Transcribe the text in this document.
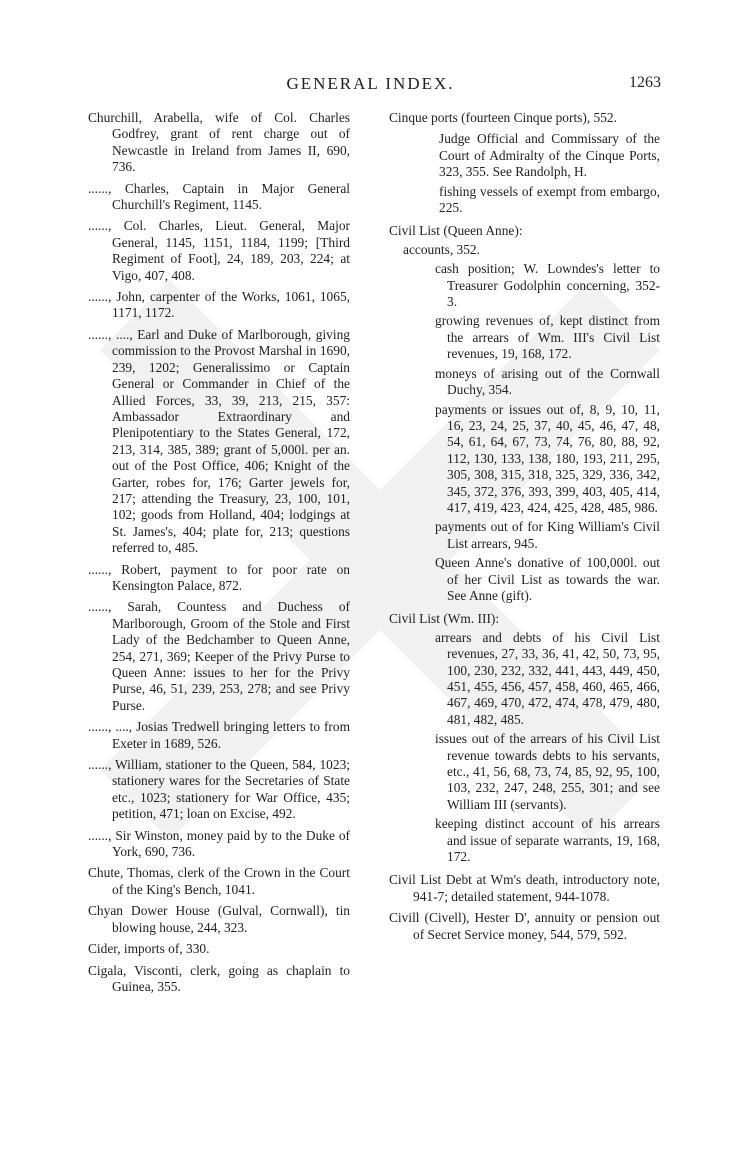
GENERAL INDEX.	1263

Churchill, Arabella, wife of Col. Charles Godfrey, grant of rent charge out of Newcastle in Ireland from James II, 690, 736.

......, Charles, Captain in Major General Churchill's Regiment, 1145.

......, Col. Charles, Lieut. General, Major General, 1145, 1151, 1184, 1199; [Third Regiment of Foot], 24, 189, 203, 224; at Vigo, 407, 408.

......, John, carpenter of the Works, 1061, 1065, 1171, 1172.

......, ...., Earl and Duke of Marlborough, giving commission to the Provost Marshal in 1690, 239, 1202; Generalissimo or Captain General or Commander in Chief of the Allied Forces, 33, 39, 213, 215, 357: Ambassador Extraordinary and Plenipotentiary to the States General, 172, 213, 314, 385, 389; grant of 5,000l. per an. out of the Post Office, 406; Knight of the Garter, robes for, 176; Garter jewels for, 217; attending the Treasury, 23, 100, 101, 102; goods from Holland, 404; lodgings at St. James's, 404; plate for, 213; questions referred to, 485.

......, Robert, payment to for poor rate on Kensington Palace, 872.

......, Sarah, Countess and Duchess of Marlborough, Groom of the Stole and First Lady of the Bedchamber to Queen Anne, 254, 271, 369; Keeper of the Privy Purse to Queen Anne: issues to her for the Privy Purse, 46, 51, 239, 253, 278; and see Privy Purse.

......, ...., Josias Tredwell bringing letters to from Exeter in 1689, 526.

......, William, stationer to the Queen, 584, 1023; stationery wares for the Secretaries of State etc., 1023; stationery for War Office, 435; petition, 471; loan on Excise, 492.

......, Sir Winston, money paid by to the Duke of York, 690, 736.

Chute, Thomas, clerk of the Crown in the Court of the King's Bench, 1041.

Chyan Dower House (Gulval, Cornwall), tin blowing house, 244, 323.

Cider, imports of, 330.

Cigala, Visconti, clerk, going as chaplain to Guinea, 355.

Cinque ports (fourteen Cinque ports), 552.

Judge Official and Commissary of the Court of Admiralty of the Cinque Ports, 323, 355. See Randolph, H.

fishing vessels of exempt from embargo, 225.

Civil List (Queen Anne):

accounts, 352.

cash position; W. Lowndes's letter to Treasurer Godolphin concerning, 352-3.

growing revenues of, kept distinct from the arrears of Wm. III's Civil List revenues, 19, 168, 172.

moneys of arising out of the Cornwall Duchy, 354.

payments or issues out of, 8, 9, 10, 11, 16, 23, 24, 25, 37, 40, 45, 46, 47, 48, 54, 61, 64, 67, 73, 74, 76, 80, 88, 92, 112, 130, 133, 138, 180, 193, 211, 295, 305, 308, 315, 318, 325, 329, 336, 342, 345, 372, 376, 393, 399, 403, 405, 414, 417, 419, 423, 424, 425, 428, 485, 986.

payments out of for King William's Civil List arrears, 945.

Queen Anne's donative of 100,000l. out of her Civil List as towards the war. See Anne (gift).

Civil List (Wm. III):

arrears and debts of his Civil List revenues, 27, 33, 36, 41, 42, 50, 73, 95, 100, 230, 232, 332, 441, 443, 449, 450, 451, 455, 456, 457, 458, 460, 465, 466, 467, 469, 470, 472, 474, 478, 479, 480, 481, 482, 485.

issues out of the arrears of his Civil List revenue towards debts to his servants, etc., 41, 56, 68, 73, 74, 85, 92, 95, 100, 103, 232, 247, 248, 255, 301; and see William III (servants).

keeping distinct account of his arrears and issue of separate warrants, 19, 168, 172.

Civil List Debt at Wm's death, introductory note, 941-7; detailed statement, 944-1078.

Civill (Civell), Hester D', annuity or pension out of Secret Service money, 544, 579, 592.
